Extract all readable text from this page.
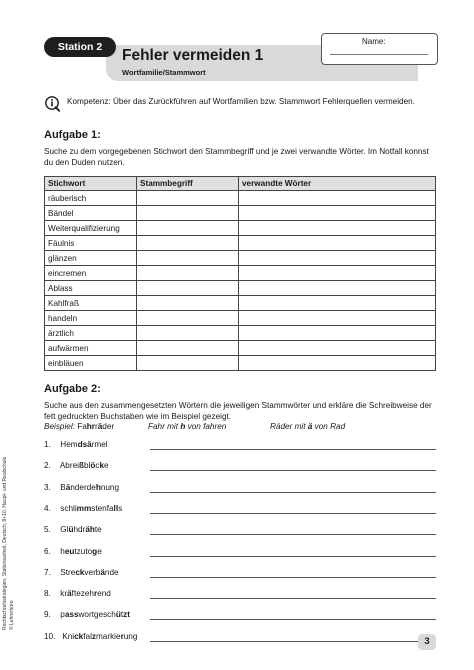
Station 2	Fehler vermeiden 1
Wortfamilie/Stammwort
Name:
Kompetenz: Über das Zurückführen auf Wortfamilien bzw. Stammwort Fehlerquellen vermeiden.
Aufgabe 1:
Suche zu dem vorgegebenen Stichwort den Stammbegriff und je zwei verwandte Wörter. Im Notfall konnst du den Duden nutzen.
Stichwort	Stammbegriff	verwandte Wörter
räuberisch		
Bändel		
Weiterqualifizierung		
Fäulnis		
glänzen		
eincremen		
Ablass		
Kahlfraß		
handeln		
ärztlich		
aufwärmen		
einbläuen		
Aufgabe 2:
Suche aus den zusammengesetzten Wörtern die jeweiligen Stammwörter und erkläre die Schreibweise der fett gedruckten Buchstaben wie im Beispiel gezeigt.
Beispiel: Fahrräder	Fahr mit h von fahren	Räder mit ä von Rad
1. Hemdsärmel
2. Abreißblöcke
3. Bänderdehnung
4. schlimmstenfalls
5. Glühdrähte
6. heutzutoge
7. Streckverbände
8. kräftezehrend
9. passwortgeschützt
10. Knickfalzmarkierung
Rechtschreibstrategien, Stationsarbeit, Deutsch, 8+10, Haupt- und Realschule © Lehrerbüro
3
